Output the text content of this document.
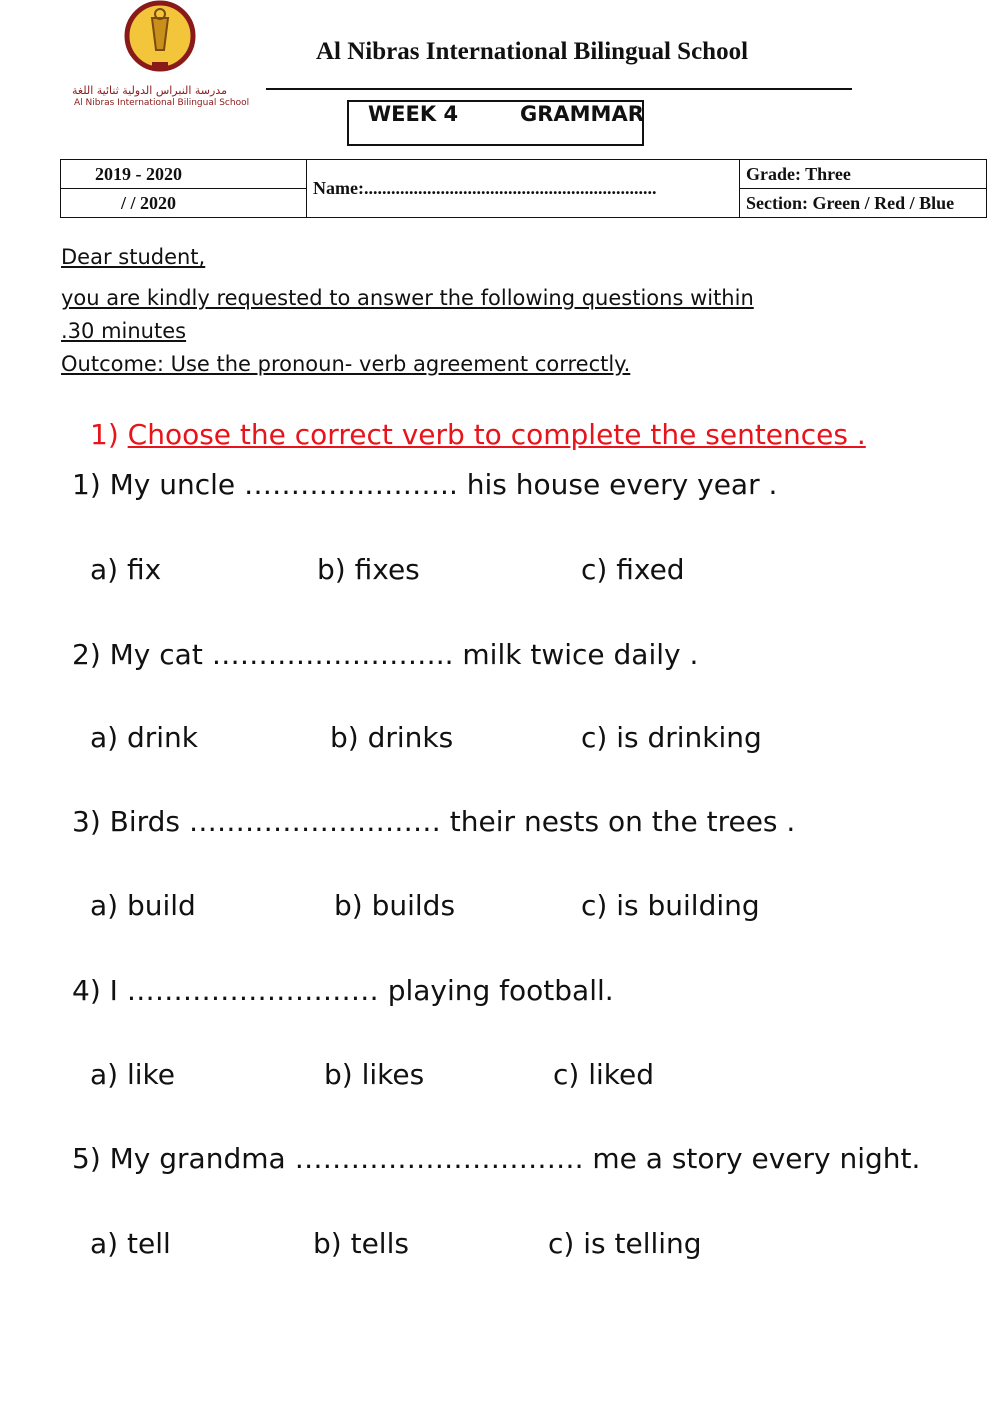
مدرسة النبراس الدولية ثنائية اللغة
Al Nibras International Bilingual School
Al Nibras International Bilingual School
WEEK 4	GRAMMAR
2019 - 2020	Name:.................................................................	Grade: Three
/ / 2020		Section: Green / Red / Blue
Dear student,
you are kindly requested to answer the following questions within
.30 minutes
Outcome: Use the pronoun- verb agreement correctly.
1) Choose the correct verb to complete the sentences .
1) My uncle ………………….. his house every year .
a) fix	b) fixes	c) fixed
2) My cat …………………….. milk twice daily .
a) drink	b) drinks	c) is drinking
3) Birds ……………………… their nests on the trees .
a) build	b) builds	c) is building
4) I ……………………… playing football.
a) like	b) likes	c) liked
5) My grandma …………………………. me a story every night.
a) tell	b) tells	c) is telling
